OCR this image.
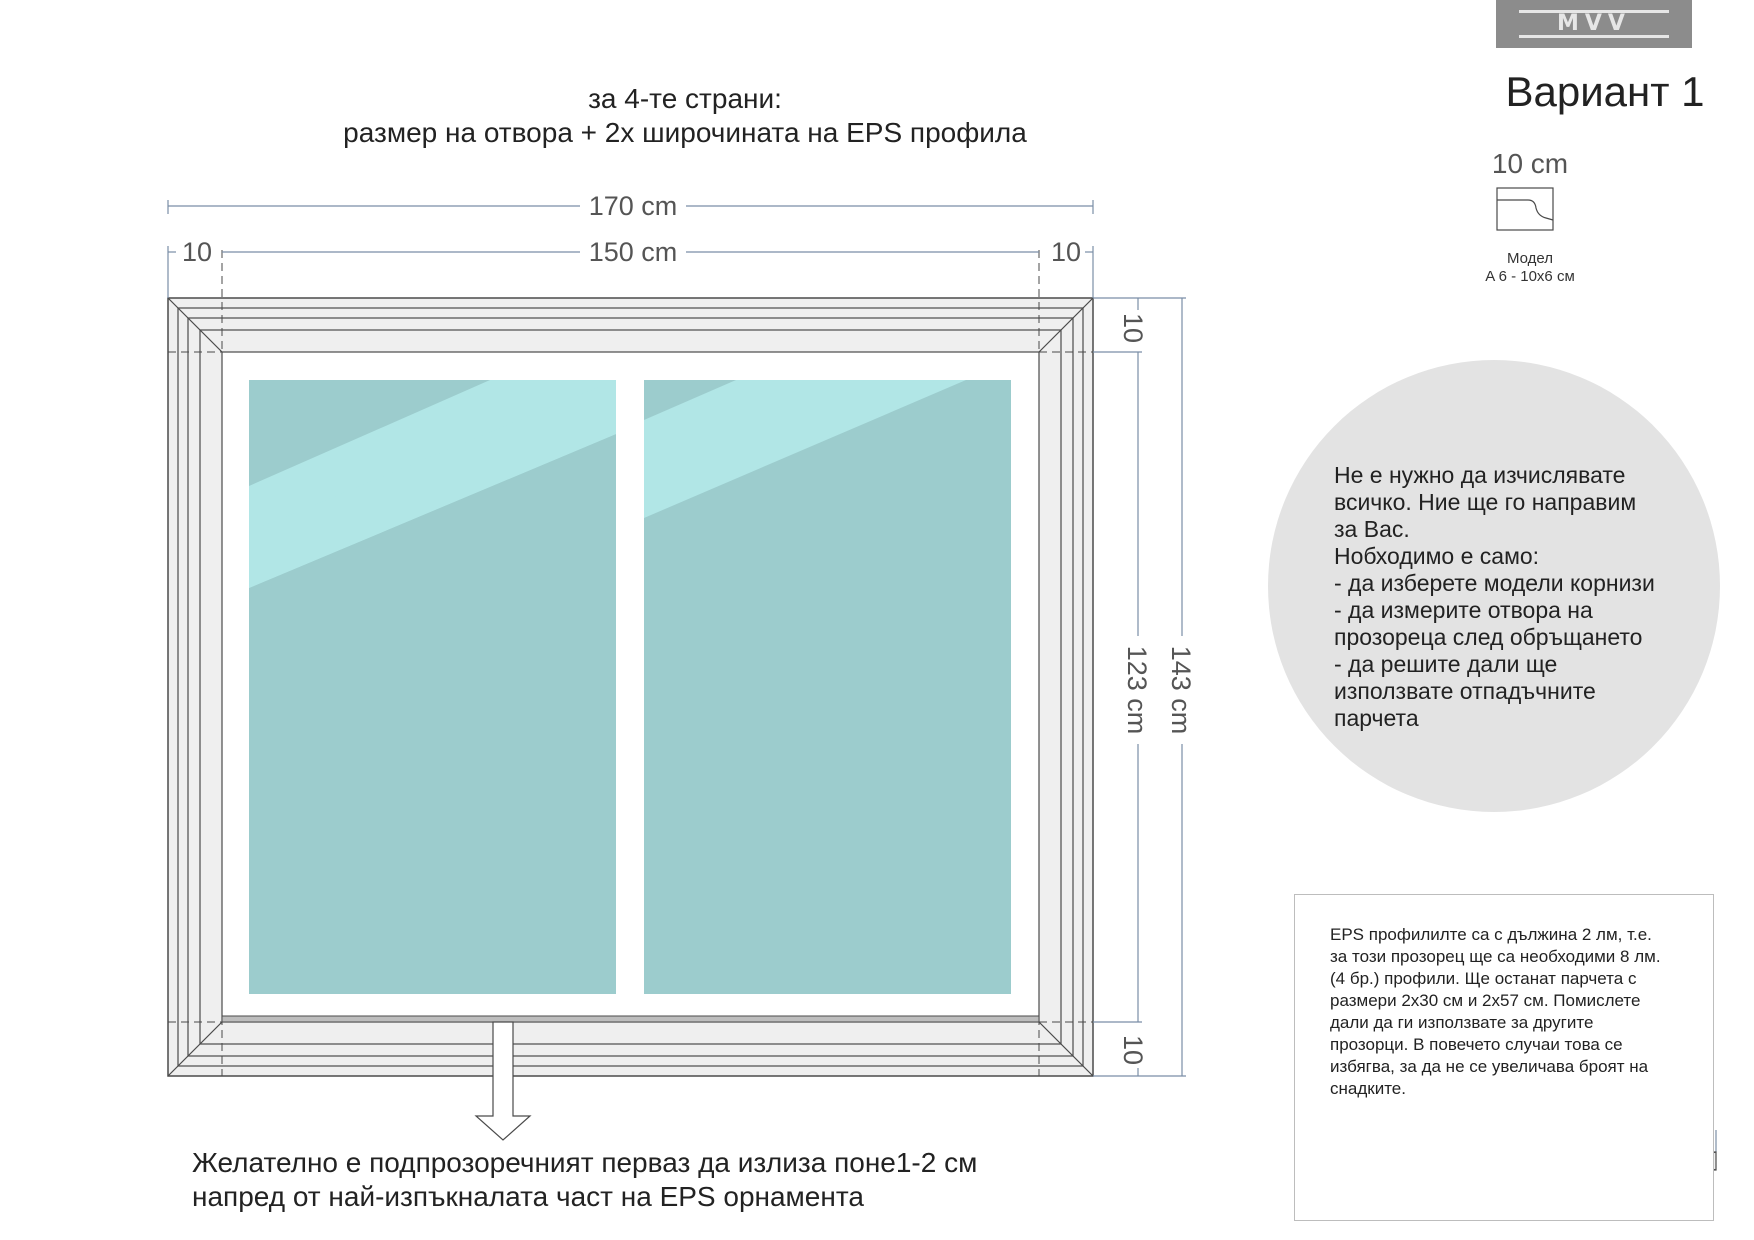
170 cm
150 cm
10	10
10
10
123 cm 143 cm
за 4-те страни:
размер на отвора + 2x широчината на EPS профила
MVV
Вариант 1
10 cm
Модел
A 6 - 10x6 см
Не е нужно да изчислявате
всичко. Ние ще го направим
за Вас.
Нобходимо е само:
- да изберете модели корнизи
- да измерите отвора на
прозореца след обръщането
- да решите дали ще
използвате отпадъчните
парчета
EPS профилилте са с дължина 2 лм, т.е.
за този прозорец ще са необходими 8 лм.
(4 бр.) профили. Ще останат парчета с
размери 2x30 см и 2x57 см. Помислете
дали да ги използвате за другите
прозорци. В повечето случаи това се
избягва, за да не се увеличава броят на
снадките.
Желателно е подпрозоречният перваз да излиза поне1-2 см
напред от най-изпъкналата част на EPS орнамента
